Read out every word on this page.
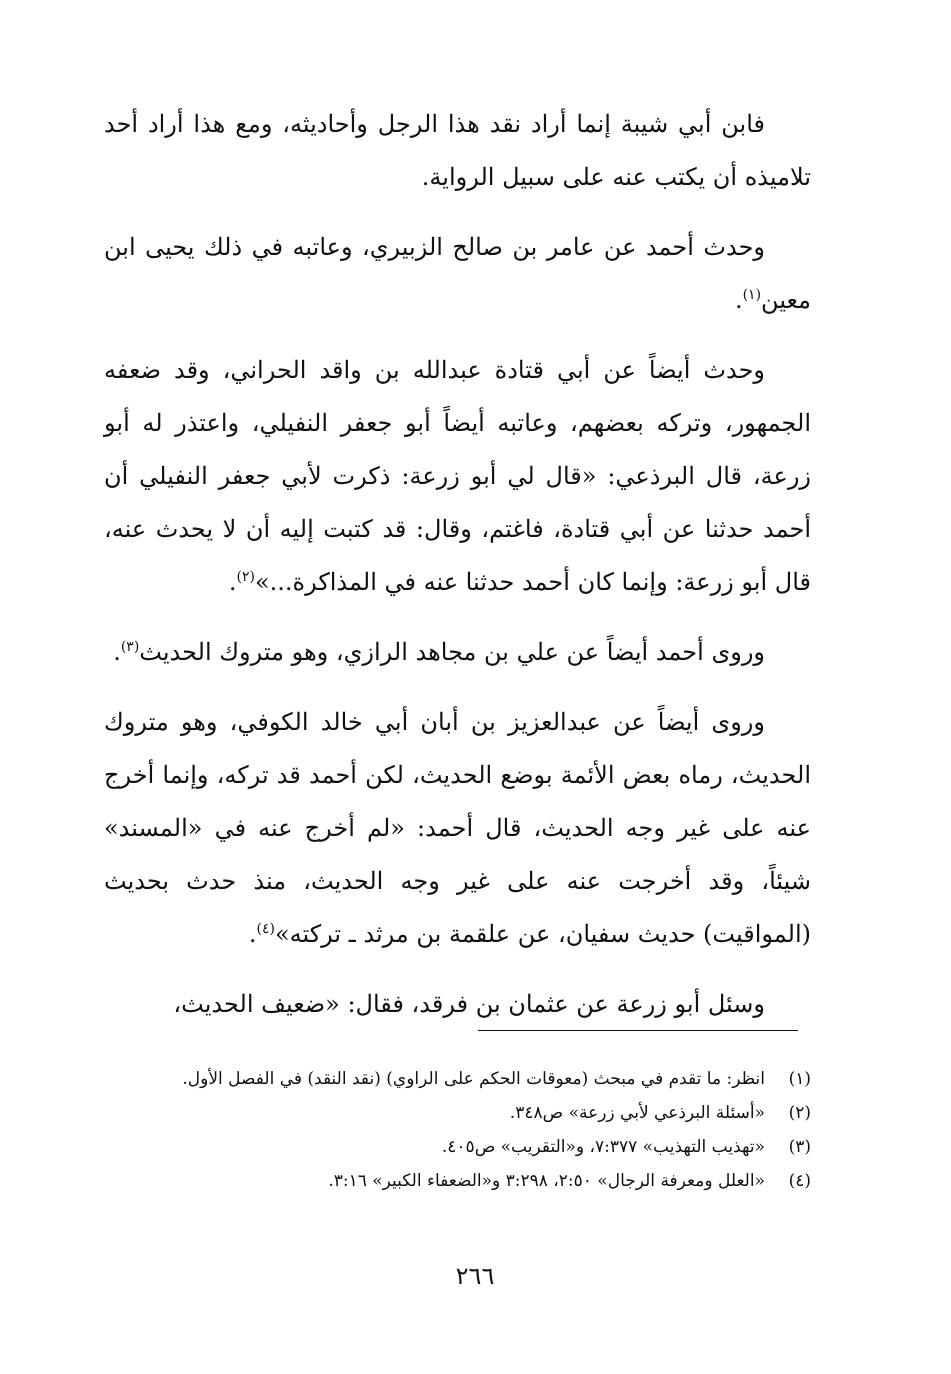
فابن أبي شيبة إنما أراد نقد هذا الرجل وأحاديثه، ومع هذا أراد أحد تلاميذه أن يكتب عنه على سبيل الرواية.

وحدث أحمد عن عامر بن صالح الزبيري، وعاتبه في ذلك يحيى ابن معين$^{(١)}$.

وحدث أيضاً عن أبي قتادة عبدالله بن واقد الحراني، وقد ضعفه الجمهور، وتركه بعضهم، وعاتبه أيضاً أبو جعفر النفيلي، واعتذر له أبو زرعة، قال البرذعي: «قال لي أبو زرعة: ذكرت لأبي جعفر النفيلي أن أحمد حدثنا عن أبي قتادة، فاغتم، وقال: قد كتبت إليه أن لا يحدث عنه، قال أبو زرعة: وإنما كان أحمد حدثنا عنه في المذاكرة...»$^{(٢)}$.

وروى أحمد أيضاً عن علي بن مجاهد الرازي، وهو متروك الحديث$^{(٣)}$.

وروى أيضاً عن عبدالعزيز بن أبان أبي خالد الكوفي، وهو متروك الحديث، رماه بعض الأئمة بوضع الحديث، لكن أحمد قد تركه، وإنما أخرج عنه على غير وجه الحديث، قال أحمد: «لم أخرج عنه في «المسند» شيئاً، وقد أخرجت عنه على غير وجه الحديث، منذ حدث بحديث (المواقيت) حديث سفيان، عن علقمة بن مرثد ـ تركته»$^{(٤)}$.

وسئل أبو زرعة عن عثمان بن فرقد، فقال: «ضعيف الحديث،

(١)
انظر: ما تقدم في مبحث (معوقات الحكم على الراوي) (نقد النقد) في الفصل الأول.
(٢)
«أسئلة البرذعي لأبي زرعة» ص٣٤٨.
(٣)
«تهذيب التهذيب» ٧:٣٧٧، و«التقريب» ص٤٠٥.
(٤)
«العلل ومعرفة الرجال» ٢:٥٠، ٣:٢٩٨ و«الضعفاء الكبير» ٣:١٦.
٢٦٦
